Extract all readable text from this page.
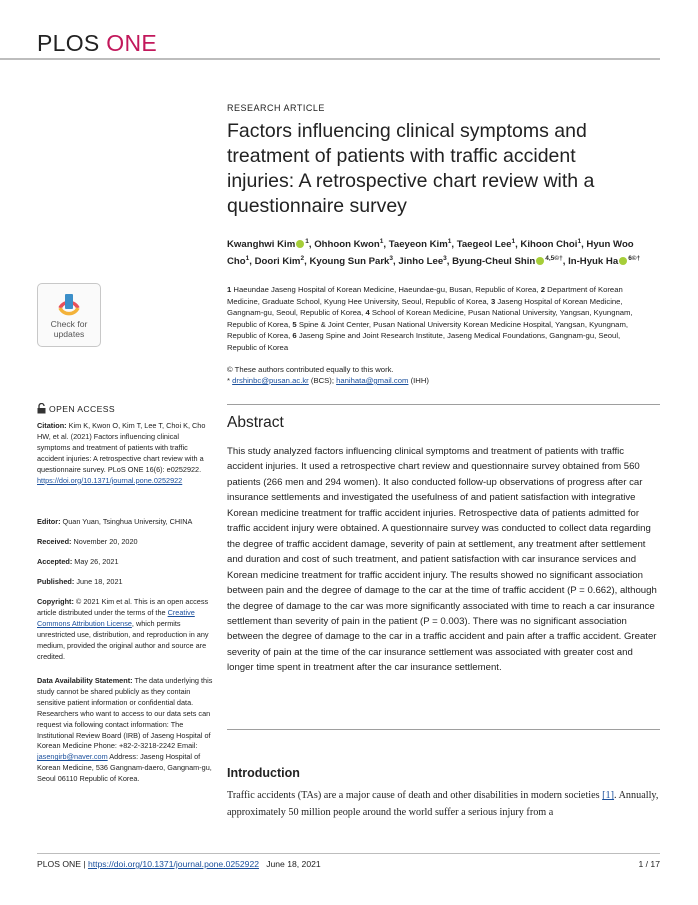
PLOS ONE
RESEARCH ARTICLE
Factors influencing clinical symptoms and treatment of patients with traffic accident injuries: A retrospective chart review with a questionnaire survey
Kwanghwi Kim $^1$, Ohhoon Kwon$^1$, Taeyeon Kim$^1$, Taegeol Lee$^1$, Kihoon Choi$^1$, Hyun Woo Cho$^1$, Doori Kim$^2$, Kyoung Sun Park$^3$, Jinho Lee$^3$, Byung-Cheul Shin $^{4,5©\dagger}$, In-Hyuk Ha $^{6©\dagger}$
1 Haeundae Jaseng Hospital of Korean Medicine, Haeundae-gu, Busan, Republic of Korea, 2 Department of Korean Medicine, Graduate School, Kyung Hee University, Seoul, Republic of Korea, 3 Jaseng Hospital of Korean Medicine, Gangnam-gu, Seoul, Republic of Korea, 4 School of Korean Medicine, Pusan National University, Yangsan, Kyungnam, Republic of Korea, 5 Spine & Joint Center, Pusan National University Korean Medicine Hospital, Yangsan, Kyungnam, Republic of Korea, 6 Jaseng Spine and Joint Research Institute, Jaseng Medical Foundations, Gangnam-gu, Seoul, Republic of Korea
© These authors contributed equally to this work.
* drshinbc@pusan.ac.kr (BCS); hanihata@gmail.com (IHH)
Check for
updates
OPEN ACCESS
Citation: Kim K, Kwon O, Kim T, Lee T, Choi K, Cho HW, et al. (2021) Factors influencing clinical symptoms and treatment of patients with traffic accident injuries: A retrospective chart review with a questionnaire survey. PLoS ONE 16(6): e0252922. https://doi.org/10.1371/journal.pone.0252922
Editor: Quan Yuan, Tsinghua University, CHINA
Received: November 20, 2020
Accepted: May 26, 2021
Published: June 18, 2021
Copyright: © 2021 Kim et al. This is an open access article distributed under the terms of the Creative Commons Attribution License, which permits unrestricted use, distribution, and reproduction in any medium, provided the original author and source are credited.
Data Availability Statement: The data underlying this study cannot be shared publicly as they contain sensitive patient information or confidential data. Researchers who want to access to our data sets can request via following contact information: The Institutional Review Board (IRB) of Jaseng Hospital of Korean Medicine Phone: +82-2-3218-2242 Email: jasengirb@naver.com Address: Jaseng Hospital of Korean Medicine, 536 Gangnam-daero, Gangnam-gu, Seoul 06110 Republic of Korea.
Abstract
This study analyzed factors influencing clinical symptoms and treatment of patients with traffic accident injuries. It used a retrospective chart review and questionnaire survey obtained from 560 patients (266 men and 294 women). It also conducted follow-up observations of progress after car insurance settlements and investigated the usefulness of and patient satisfaction with integrative Korean medicine treatment for traffic accident injuries. Retrospective data of patients admitted for traffic accident injury were obtained. A questionnaire survey was conducted to collect data regarding the degree of traffic accident damage, severity of pain at settlement, any treatment after settlement and duration and cost of such treatment, and patient satisfaction with car insurance services and Korean medicine treatment for traffic accident injury. The results showed no significant association between pain and the degree of damage to the car at the time of traffic accident (P = 0.662), although the degree of damage to the car was more significantly associated with time to reach a car insurance settlement than severity of pain in the patient (P = 0.003). There was no significant association between the degree of damage to the car in a traffic accident and pain after a traffic accident. Greater severity of pain at the time of the car insurance settlement was associated with greater cost and longer time spent in treatment after the car insurance settlement.
Introduction
Traffic accidents (TAs) are a major cause of death and other disabilities in modern societies [1]. Annually, approximately 50 million people around the world suffer a serious injury from a
PLOS ONE | https://doi.org/10.1371/journal.pone.0252922 June 18, 2021	1 / 17
